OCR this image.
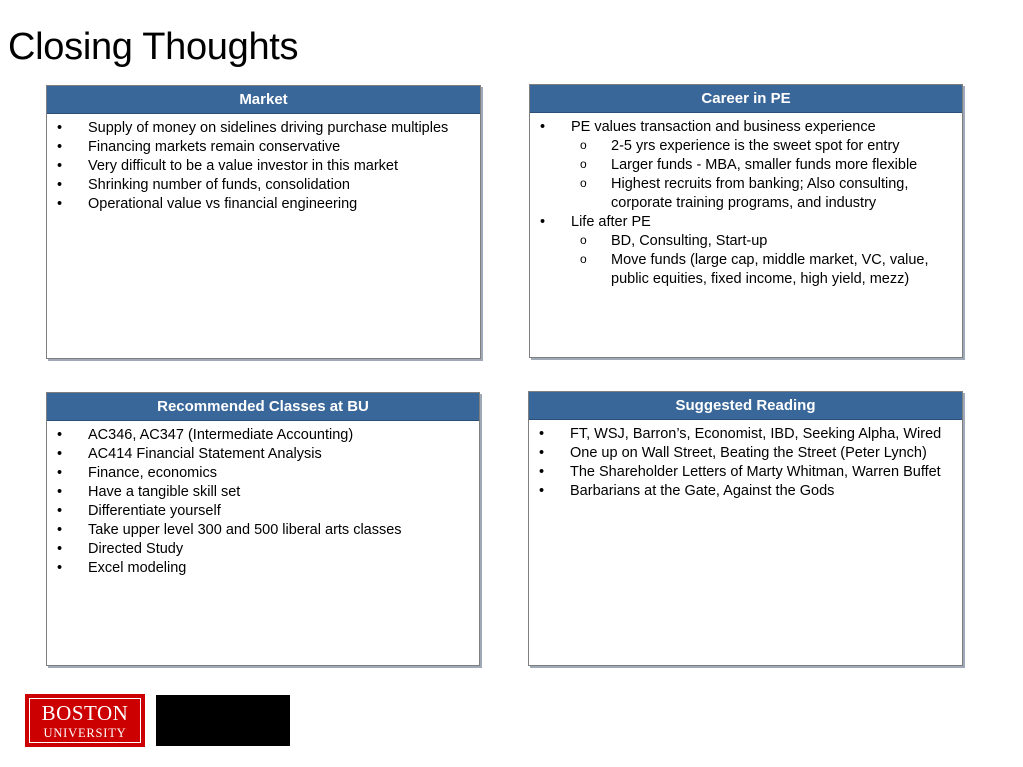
Closing Thoughts
Market
• Supply of money on sidelines driving purchase multiples
• Financing markets remain conservative
• Very difficult to be a value investor in this market
• Shrinking number of funds, consolidation
• Operational value vs financial engineering
Career in PE
• PE values transaction and business experience
o 2-5 yrs experience is the sweet spot for entry
o Larger funds - MBA, smaller funds more flexible
o Highest recruits from banking; Also consulting, corporate training programs, and industry
• Life after PE
o BD, Consulting, Start-up
o Move funds (large cap, middle market, VC, value, public equities, fixed income, high yield, mezz)
Recommended Classes at BU
• AC346, AC347 (Intermediate Accounting)
• AC414 Financial Statement Analysis
• Finance, economics
• Have a tangible skill set
• Differentiate yourself
• Take upper level 300 and 500 liberal arts classes
• Directed Study
• Excel modeling
Suggested Reading
• FT, WSJ, Barron’s, Economist, IBD, Seeking Alpha, Wired
• One up on Wall Street, Beating the Street (Peter Lynch)
• The Shareholder Letters of Marty Whitman, Warren Buffet
• Barbarians at the Gate, Against the Gods
BOSTON
UNIVERSITY
